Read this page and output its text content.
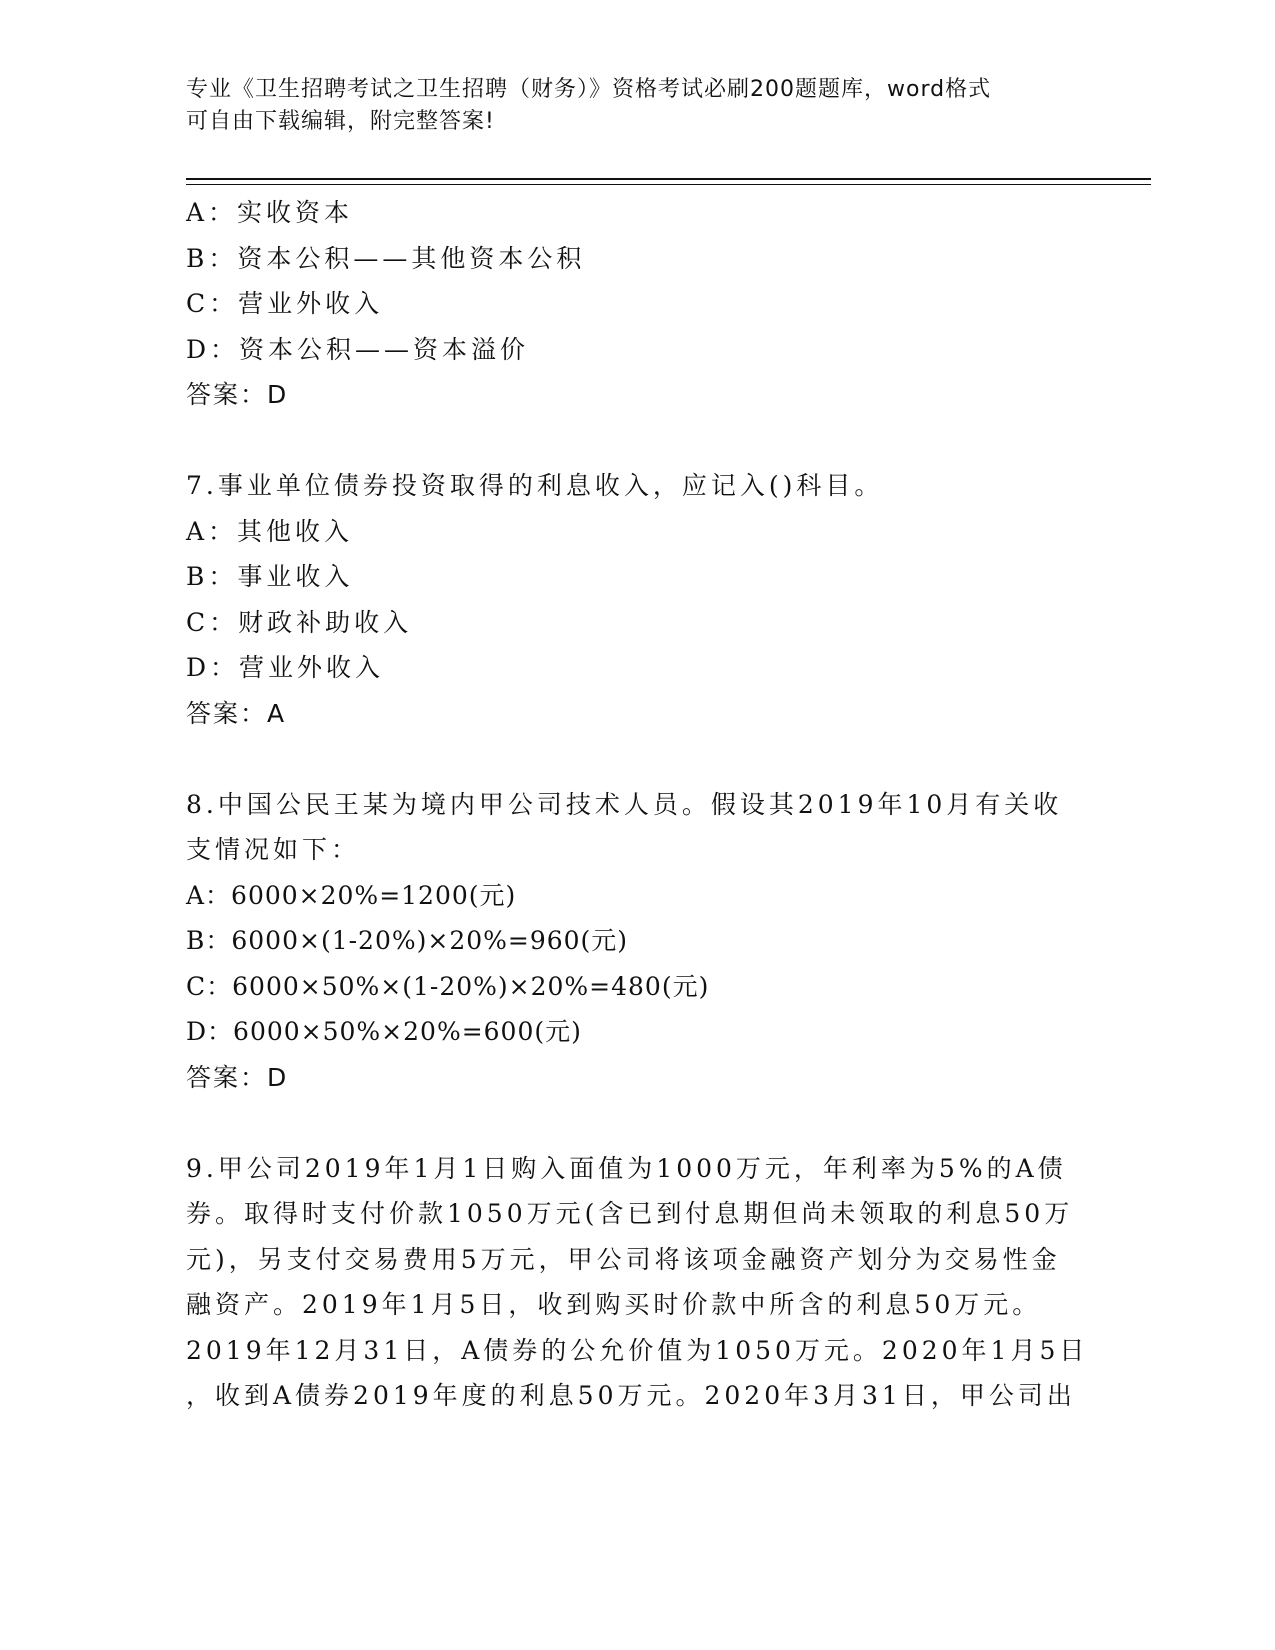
专业《卫生招聘考试之卫生招聘（财务）》资格考试必刷200题题库，word格式
可自由下载编辑，附完整答案!
A：实收资本
B：资本公积——其他资本公积
C：营业外收入
D：资本公积——资本溢价
答案：D
7.事业单位债券投资取得的利息收入，应记入()科目。
A：其他收入
B：事业收入
C：财政补助收入
D：营业外收入
答案：A
8.中国公民王某为境内甲公司技术人员。假设其2019年10月有关收
支情况如下：
A：6000×20%=1200(元)
B：6000×(1-20%)×20%=960(元)
C：6000×50%×(1-20%)×20%=480(元)
D：6000×50%×20%=600(元)
答案：D
9.甲公司2019年1月1日购入面值为1000万元，年利率为5%的A债
券。取得时支付价款1050万元(含已到付息期但尚未领取的利息50万
元)，另支付交易费用5万元，甲公司将该项金融资产划分为交易性金
融资产。2019年1月5日，收到购买时价款中所含的利息50万元。
2019年12月31日，A债券的公允价值为1050万元。2020年1月5日
，收到A债券2019年度的利息50万元。2020年3月31日，甲公司出
